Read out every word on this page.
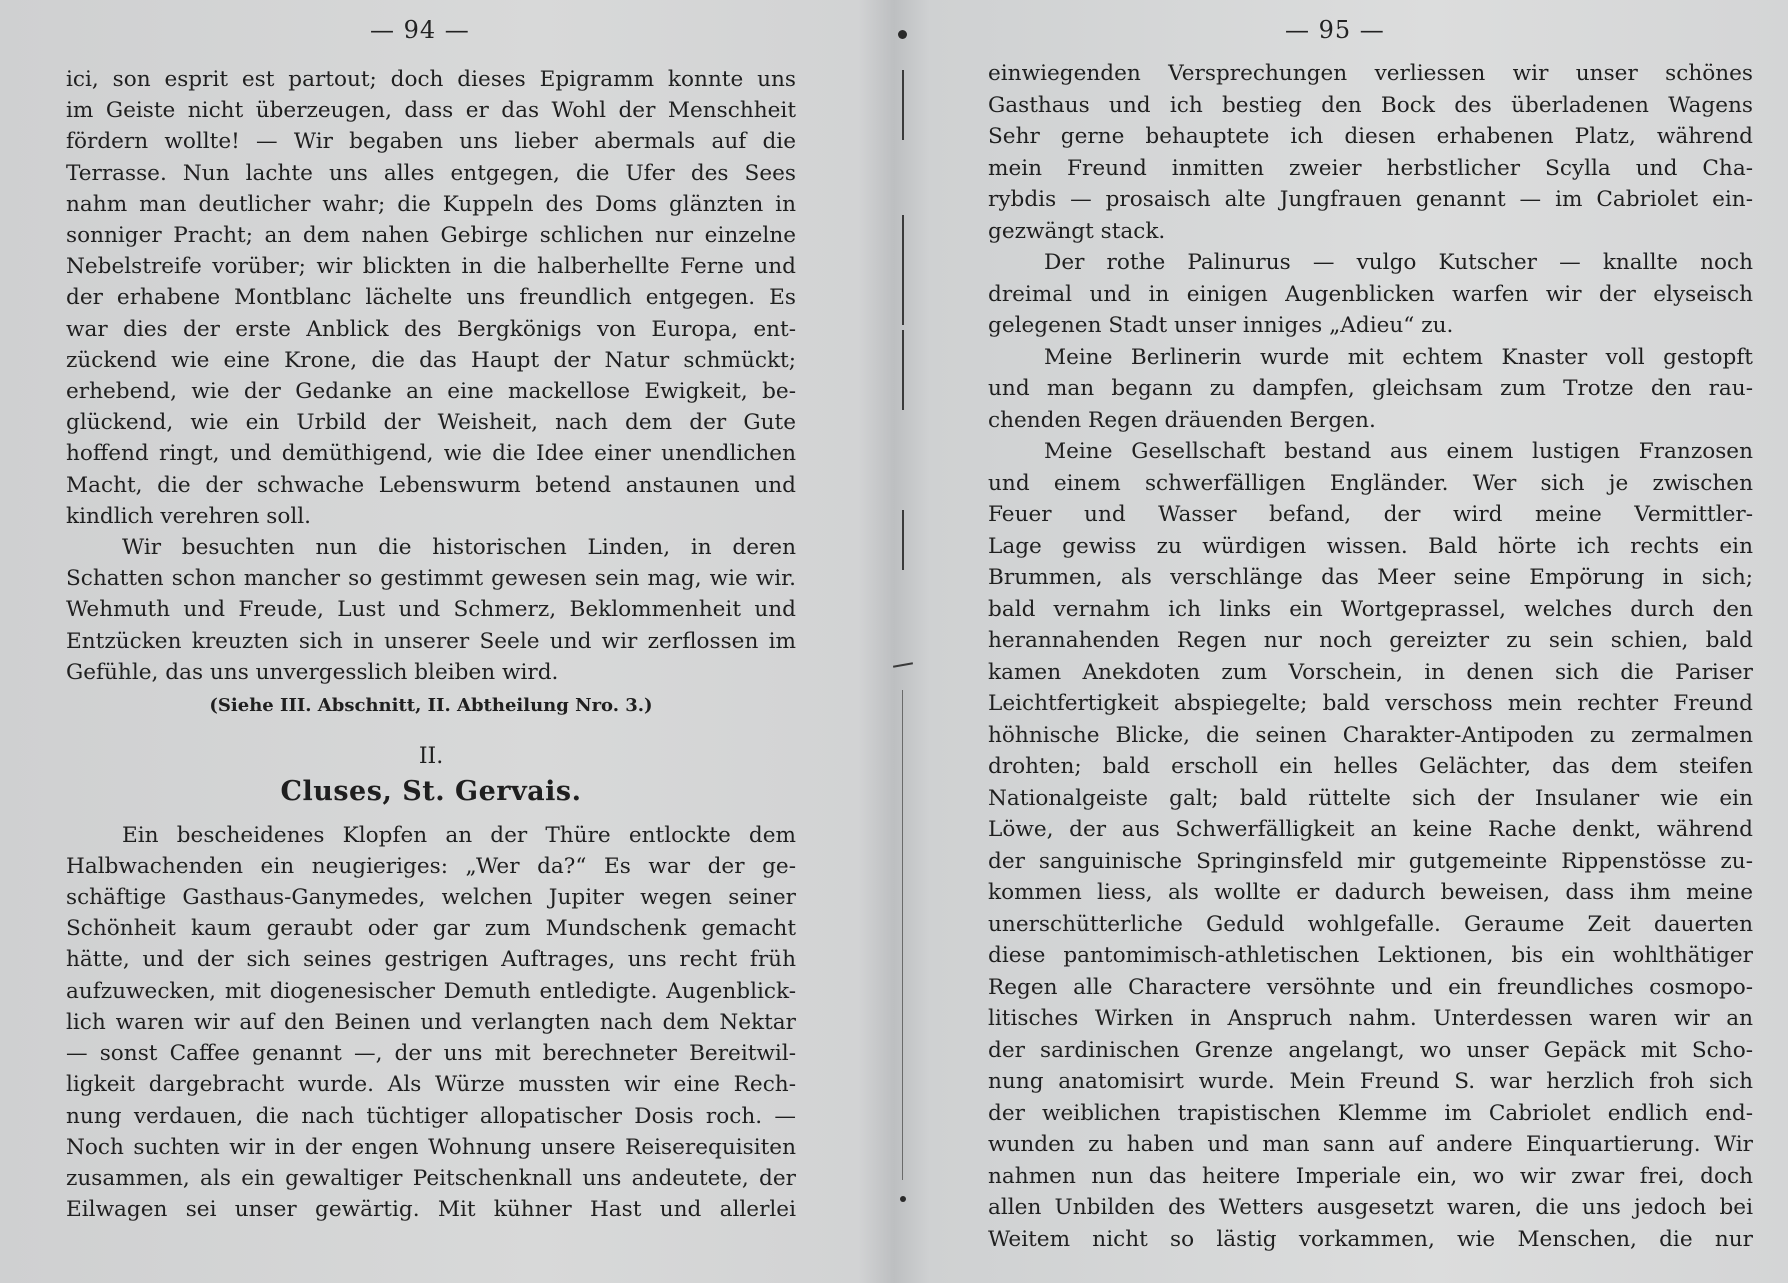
— 94 —
ici, son esprit est partout; doch dieses Epigramm konnte uns
im Geiste nicht überzeugen, dass er das Wohl der Menschheit
fördern wollte! — Wir begaben uns lieber abermals auf die
Terrasse. Nun lachte uns alles entgegen, die Ufer des Sees
nahm man deutlicher wahr; die Kuppeln des Doms glänzten in
sonniger Pracht; an dem nahen Gebirge schlichen nur einzelne
Nebelstreife vorüber; wir blickten in die halberhellte Ferne und
der erhabene Montblanc lächelte uns freundlich entgegen. Es
war dies der erste Anblick des Bergkönigs von Europa, ent-
zückend wie eine Krone, die das Haupt der Natur schmückt;
erhebend, wie der Gedanke an eine mackellose Ewigkeit, be-
glückend, wie ein Urbild der Weisheit, nach dem der Gute
hoffend ringt, und demüthigend, wie die Idee einer unendlichen
Macht, die der schwache Lebenswurm betend anstaunen und
kindlich verehren soll.
Wir besuchten nun die historischen Linden, in deren
Schatten schon mancher so gestimmt gewesen sein mag, wie wir.
Wehmuth und Freude, Lust und Schmerz, Beklommenheit und
Entzücken kreuzten sich in unserer Seele und wir zerflossen im
Gefühle, das uns unvergesslich bleiben wird.
(Siehe III. Abschnitt, II. Abtheilung Nro. 3.)
II.
Cluses, St. Gervais.
Ein bescheidenes Klopfen an der Thüre entlockte dem
Halbwachenden ein neugieriges: „Wer da?“ Es war der ge-
schäftige Gasthaus-Ganymedes, welchen Jupiter wegen seiner
Schönheit kaum geraubt oder gar zum Mundschenk gemacht
hätte, und der sich seines gestrigen Auftrages, uns recht früh
aufzuwecken, mit diogenesischer Demuth entledigte. Augenblick-
lich waren wir auf den Beinen und verlangten nach dem Nektar
— sonst Caffee genannt —, der uns mit berechneter Bereitwil-
ligkeit dargebracht wurde. Als Würze mussten wir eine Rech-
nung verdauen, die nach tüchtiger allopatischer Dosis roch. —
Noch suchten wir in der engen Wohnung unsere Reiserequisiten
zusammen, als ein gewaltiger Peitschenknall uns andeutete, der
Eilwagen sei unser gewärtig. Mit kühner Hast und allerlei
— 95 —
einwiegenden Versprechungen verliessen wir unser schönes
Gasthaus und ich bestieg den Bock des überladenen Wagens
Sehr gerne behauptete ich diesen erhabenen Platz, während
mein Freund inmitten zweier herbstlicher Scylla und Cha-
rybdis — prosaisch alte Jungfrauen genannt — im Cabriolet ein-
gezwängt stack.
Der rothe Palinurus — vulgo Kutscher — knallte noch
dreimal und in einigen Augenblicken warfen wir der elyseisch
gelegenen Stadt unser inniges „Adieu“ zu.
Meine Berlinerin wurde mit echtem Knaster voll gestopft
und man begann zu dampfen, gleichsam zum Trotze den rau-
chenden Regen dräuenden Bergen.
Meine Gesellschaft bestand aus einem lustigen Franzosen
und einem schwerfälligen Engländer. Wer sich je zwischen
Feuer und Wasser befand, der wird meine Vermittler-
Lage gewiss zu würdigen wissen. Bald hörte ich rechts ein
Brummen, als verschlänge das Meer seine Empörung in sich;
bald vernahm ich links ein Wortgeprassel, welches durch den
herannahenden Regen nur noch gereizter zu sein schien, bald
kamen Anekdoten zum Vorschein, in denen sich die Pariser
Leichtfertigkeit abspiegelte; bald verschoss mein rechter Freund
höhnische Blicke, die seinen Charakter-Antipoden zu zermalmen
drohten; bald erscholl ein helles Gelächter, das dem steifen
Nationalgeiste galt; bald rüttelte sich der Insulaner wie ein
Löwe, der aus Schwerfälligkeit an keine Rache denkt, während
der sanguinische Springinsfeld mir gutgemeinte Rippenstösse zu-
kommen liess, als wollte er dadurch beweisen, dass ihm meine
unerschütterliche Geduld wohlgefalle. Geraume Zeit dauerten
diese pantomimisch-athletischen Lektionen, bis ein wohlthätiger
Regen alle Charactere versöhnte und ein freundliches cosmopo-
litisches Wirken in Anspruch nahm. Unterdessen waren wir an
der sardinischen Grenze angelangt, wo unser Gepäck mit Scho-
nung anatomisirt wurde. Mein Freund S. war herzlich froh sich
der weiblichen trapistischen Klemme im Cabriolet endlich end-
wunden zu haben und man sann auf andere Einquartierung. Wir
nahmen nun das heitere Imperiale ein, wo wir zwar frei, doch
allen Unbilden des Wetters ausgesetzt waren, die uns jedoch bei
Weitem nicht so lästig vorkammen, wie Menschen, die nur
